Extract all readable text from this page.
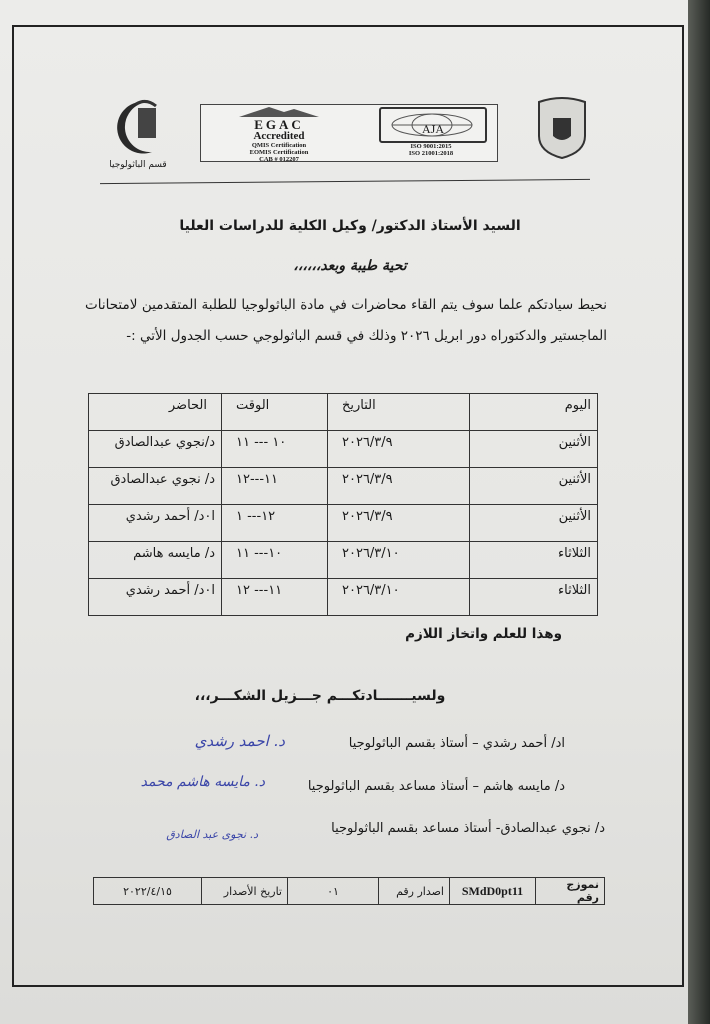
قسم الباثولوجيا
EGAC
Accredited
QMIS Certification
EOMIS Certification
CAB # 012207
AJA
ISO 9001:2015
ISO 21001:2018
السيد الأستاذ الدكتور/ وكيل الكلية للدراسات العليا
تحية طيبة وبعد،،،،،،
نحيط سيادتكم علما سوف يتم القاء محاضرات في مادة الباثولوجيا للطلبة المتقدمين لامتحانات الماجستير والدكتوراه دور ابريل ٢٠٢٦ وذلك في قسم الباثولوجي حسب الجدول الأتي :-
اليوم	التاريخ	الوقت	الحاضر
الأثنين	٢٠٢٦/٣/٩	١٠ --- ١١	د/نجوي عبدالصادق
الأثنين	٢٠٢٦/٣/٩	١١---١٢	د/ نجوي عبدالصادق
الأثنين	٢٠٢٦/٣/٩	١٢--- ١	ا٠د/ أحمد رشدي
الثلاثاء	٢٠٢٦/٣/١٠	١٠--- ١١	د/ مايسه هاشم
الثلاثاء	٢٠٢٦/٣/١٠	١١--- ١٢	ا٠د/ أحمد رشدي
وهذا للعلم واتخاز اللازم
ولسيـــــــادتكـــم جـــزيل الشكـــر،،،
اد/ أحمد رشدي – أستاذ بقسم الباثولوجيا
د. احمد رشدي
د/ مايسه هاشم – أستاذ مساعد بقسم الباثولوجيا
د. مايسه هاشم محمد
د/ نجوي عبدالصادق- أستاذ مساعد بقسم الباثولوجيا
د. نجوى عبد الصادق
نموزج رقم	SMdD0pt11	اصدار رقم	٠١	تاريخ الأصدار	٢٠٢٢/٤/١٥
